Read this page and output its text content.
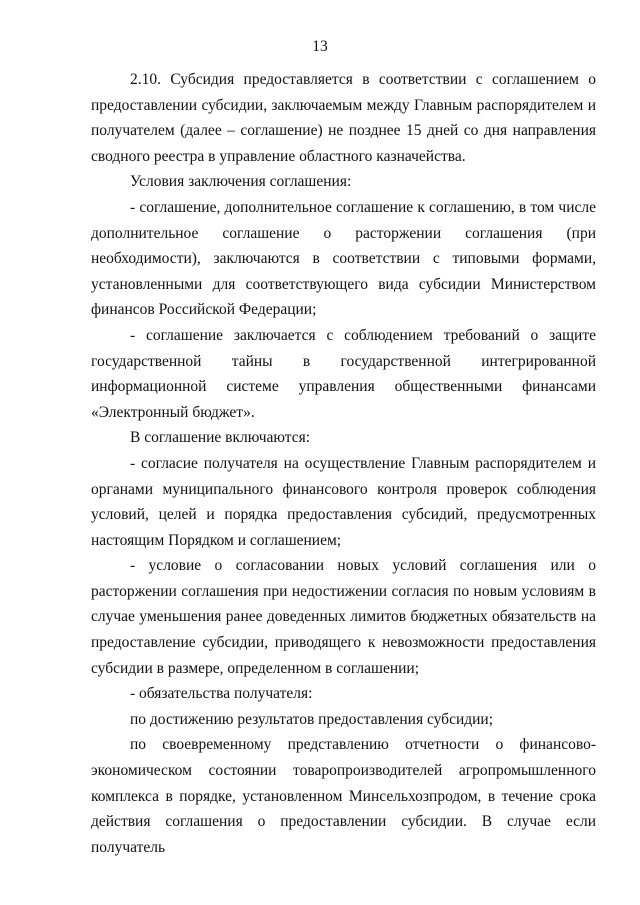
13

2.10. Субсидия предоставляется в соответствии с соглашением о предоставлении субсидии, заключаемым между Главным распорядителем и получателем (далее – соглашение) не позднее 15 дней со дня направления сводного реестра в управление областного казначейства.

Условия заключения соглашения:

- соглашение, дополнительное соглашение к соглашению, в том числе дополнительное соглашение о расторжении соглашения (при необходимости), заключаются в соответствии с типовыми формами, установленными для соответствующего вида субсидии Министерством финансов Российской Федерации;

- соглашение заключается с соблюдением требований о защите государственной тайны в государственной интегрированной информационной системе управления общественными финансами «Электронный бюджет».

В соглашение включаются:

- согласие получателя на осуществление Главным распорядителем и органами муниципального финансового контроля проверок соблюдения условий, целей и порядка предоставления субсидий, предусмотренных настоящим Порядком и соглашением;

- условие о согласовании новых условий соглашения или о расторжении соглашения при недостижении согласия по новым условиям в случае уменьшения ранее доведенных лимитов бюджетных обязательств на предоставление субсидии, приводящего к невозможности предоставления субсидии в размере, определенном в соглашении;

- обязательства получателя:

по достижению результатов предоставления субсидии;

по своевременному представлению отчетности о финансово-экономическом состоянии товаропроизводителей агропромышленного комплекса в порядке, установленном Минсельхозпродом, в течение срока действия соглашения о предоставлении субсидии. В случае если получатель
